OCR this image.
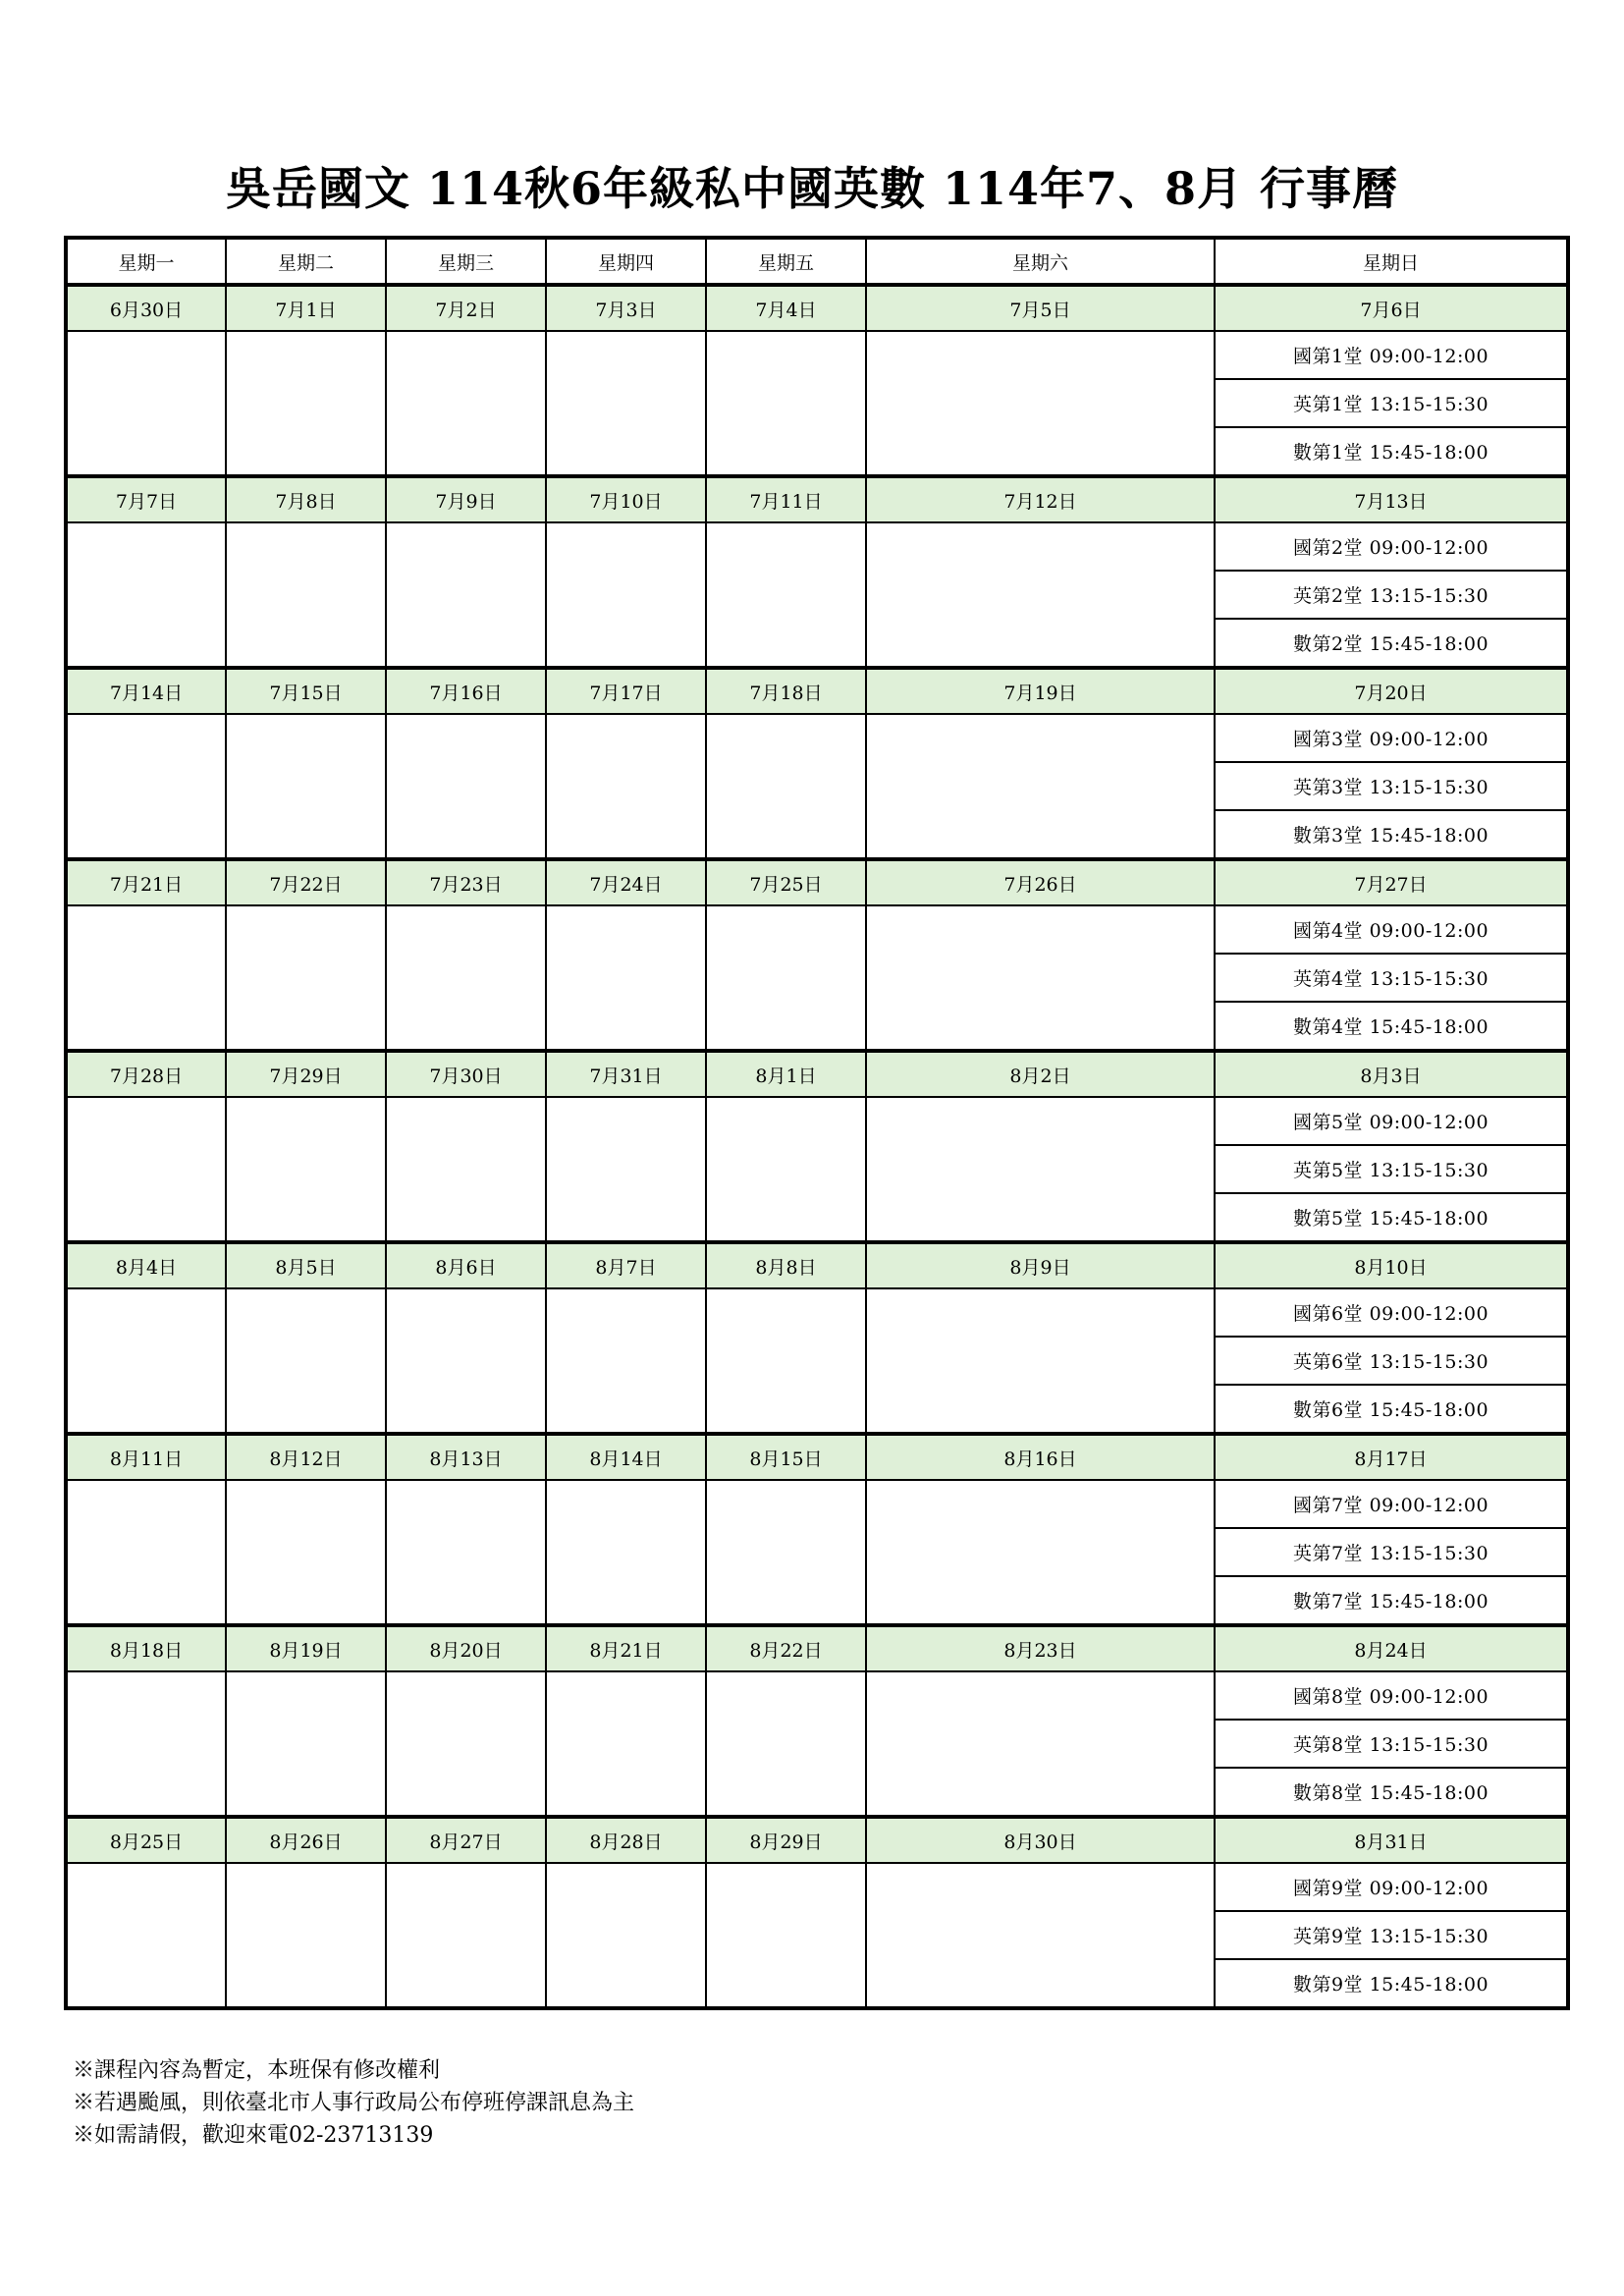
吳岳國文 114秋6年級私中國英數 114年7、8月 行事曆
星期一	星期二	星期三	星期四	星期五	星期六	星期日
6月30日	7月1日	7月2日	7月3日	7月4日	7月5日	7月6日
						國第1堂 09:00-12:00
						英第1堂 13:15-15:30
						數第1堂 15:45-18:00
7月7日	7月8日	7月9日	7月10日	7月11日	7月12日	7月13日
						國第2堂 09:00-12:00
						英第2堂 13:15-15:30
						數第2堂 15:45-18:00
7月14日	7月15日	7月16日	7月17日	7月18日	7月19日	7月20日
						國第3堂 09:00-12:00
						英第3堂 13:15-15:30
						數第3堂 15:45-18:00
7月21日	7月22日	7月23日	7月24日	7月25日	7月26日	7月27日
						國第4堂 09:00-12:00
						英第4堂 13:15-15:30
						數第4堂 15:45-18:00
7月28日	7月29日	7月30日	7月31日	8月1日	8月2日	8月3日
						國第5堂 09:00-12:00
						英第5堂 13:15-15:30
						數第5堂 15:45-18:00
8月4日	8月5日	8月6日	8月7日	8月8日	8月9日	8月10日
						國第6堂 09:00-12:00
						英第6堂 13:15-15:30
						數第6堂 15:45-18:00
8月11日	8月12日	8月13日	8月14日	8月15日	8月16日	8月17日
						國第7堂 09:00-12:00
						英第7堂 13:15-15:30
						數第7堂 15:45-18:00
8月18日	8月19日	8月20日	8月21日	8月22日	8月23日	8月24日
						國第8堂 09:00-12:00
						英第8堂 13:15-15:30
						數第8堂 15:45-18:00
8月25日	8月26日	8月27日	8月28日	8月29日	8月30日	8月31日
						國第9堂 09:00-12:00
						英第9堂 13:15-15:30
						數第9堂 15:45-18:00
※課程內容為暫定，本班保有修改權利
※若遇颱風，則依臺北市人事行政局公布停班停課訊息為主
※如需請假，歡迎來電02-23713139
